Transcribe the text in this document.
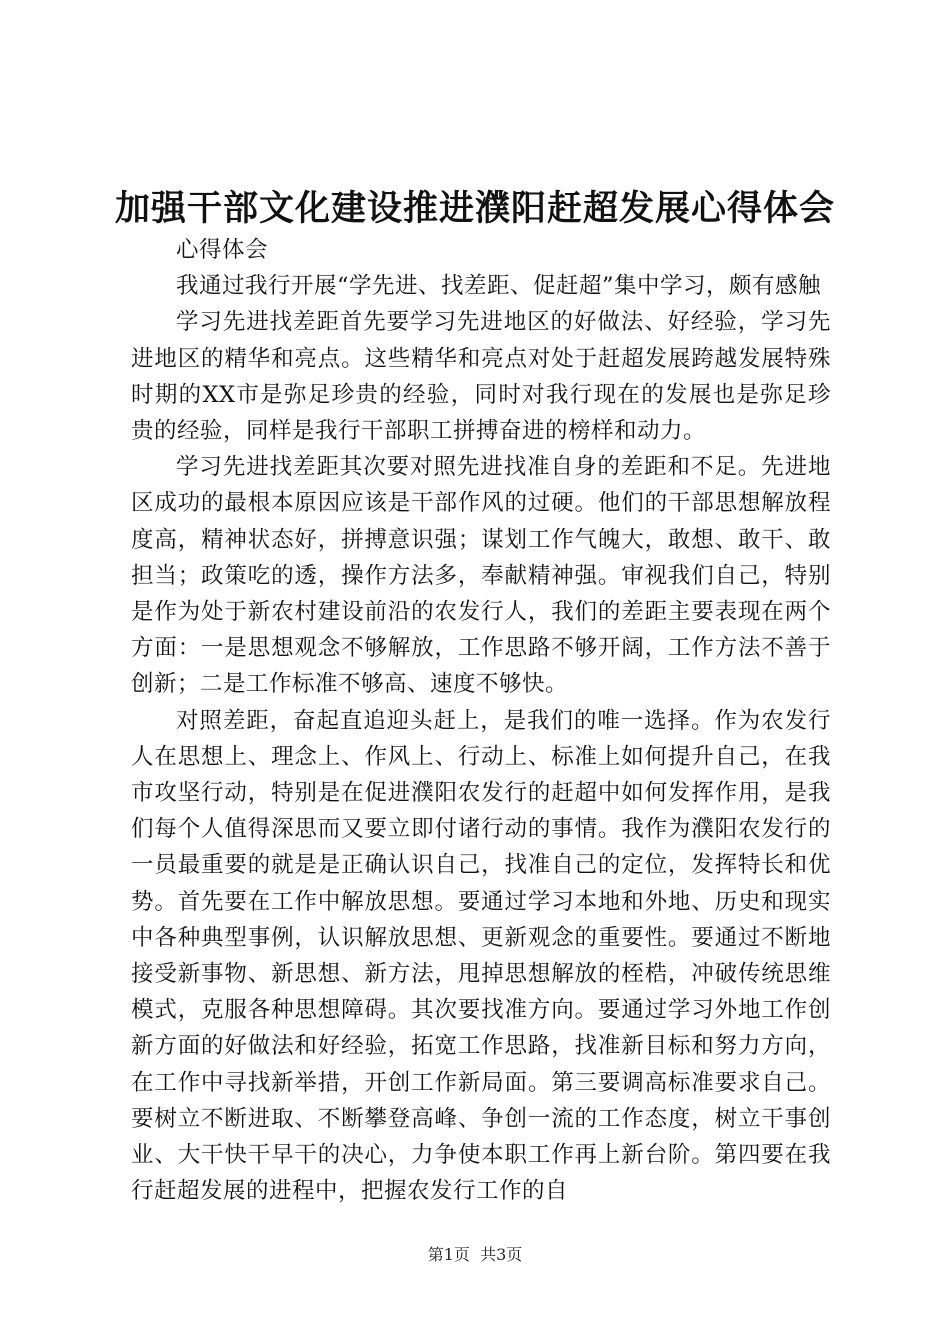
加强干部文化建设推进濮阳赶超发展心得体会

心得体会

我通过我行开展“学先进、找差距、促赶超”集中学习，颇有感触

学习先进找差距首先要学习先进地区的好做法、好经验，学习先进地区的精华和亮点。这些精华和亮点对处于赶超发展跨越发展特殊时期的XX市是弥足珍贵的经验，同时对我行现在的发展也是弥足珍贵的经验，同样是我行干部职工拼搏奋进的榜样和动力。

学习先进找差距其次要对照先进找准自身的差距和不足。先进地区成功的最根本原因应该是干部作风的过硬。他们的干部思想解放程度高，精神状态好，拼搏意识强；谋划工作气魄大，敢想、敢干、敢担当；政策吃的透，操作方法多，奉献精神强。审视我们自己，特别是作为处于新农村建设前沿的农发行人，我们的差距主要表现在两个方面：一是思想观念不够解放，工作思路不够开阔，工作方法不善于创新；二是工作标准不够高、速度不够快。

对照差距，奋起直追迎头赶上，是我们的唯一选择。作为农发行人在思想上、理念上、作风上、行动上、标准上如何提升自己，在我市攻坚行动，特别是在促进濮阳农发行的赶超中如何发挥作用，是我们每个人值得深思而又要立即付诸行动的事情。我作为濮阳农发行的一员最重要的就是是正确认识自己，找准自己的定位，发挥特长和优势。首先要在工作中解放思想。要通过学习本地和外地、历史和现实中各种典型事例，认识解放思想、更新观念的重要性。要通过不断地接受新事物、新思想、新方法，甩掉思想解放的桎梏，冲破传统思维模式，克服各种思想障碍。其次要找准方向。要通过学习外地工作创新方面的好做法和好经验，拓宽工作思路，找准新目标和努力方向，在工作中寻找新举措，开创工作新局面。第三要调高标准要求自己。要树立不断进取、不断攀登高峰、争创一流的工作态度，树立干事创业、大干快干早干的决心，力争使本职工作再上新台阶。第四要在我行赶超发展的进程中，把握农发行工作的自

第1页 共3页
